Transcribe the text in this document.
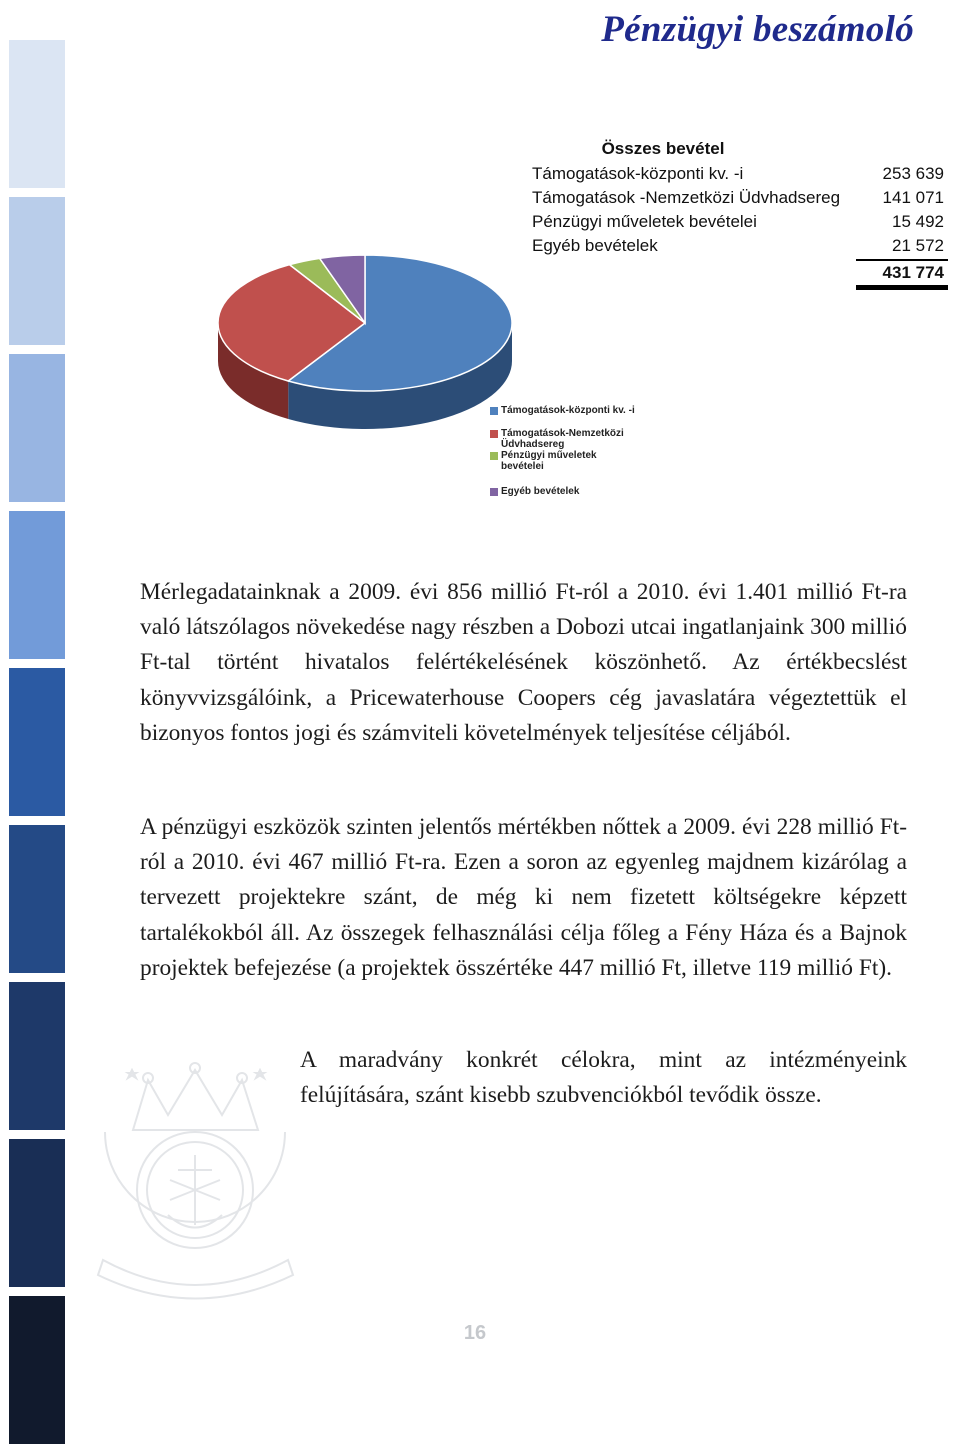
Pénzügyi beszámoló
Támogatások-központi kv. -i
Támogatások-Nemzetközi Üdvhadsereg
Pénzügyi műveletek bevételei
Egyéb bevételek
Összes bevétel
Támogatások-központi kv. -i	253 639
Támogatások -Nemzetközi Üdvhadsereg	141 071
Pénzügyi műveletek bevételei	15 492
Egyéb bevételek	21 572
431 774
Mérlegadatainknak a 2009. évi 856 millió Ft-ról a 2010. évi 1.401 millió Ft-ra való látszólagos növekedése nagy részben a Dobozi utcai ingatlanjaink 300 millió Ft-tal történt hivatalos felértékelésének köszönhető. Az értékbecslést könyvvizsgálóink, a Pricewaterhouse Coopers cég javaslatára végeztettük el bizonyos fontos jogi és számviteli követelmények teljesítése céljából.
A pénzügyi eszközök szinten jelentős mértékben nőttek a 2009. évi 228 millió Ft-ról a 2010. évi 467 millió Ft-ra. Ezen a soron az egyenleg majdnem kizárólag a tervezett projektekre szánt, de még ki nem fizetett költségekre képzett tartalékokból áll. Az összegek felhasználási célja főleg a Fény Háza és a Bajnok projektek befejezése (a projektek összértéke 447 millió Ft, illetve 119 millió Ft).
A maradvány konkrét célokra, mint az intézményeink felújítására, szánt kisebb szubvenciókból tevődik össze.
16
